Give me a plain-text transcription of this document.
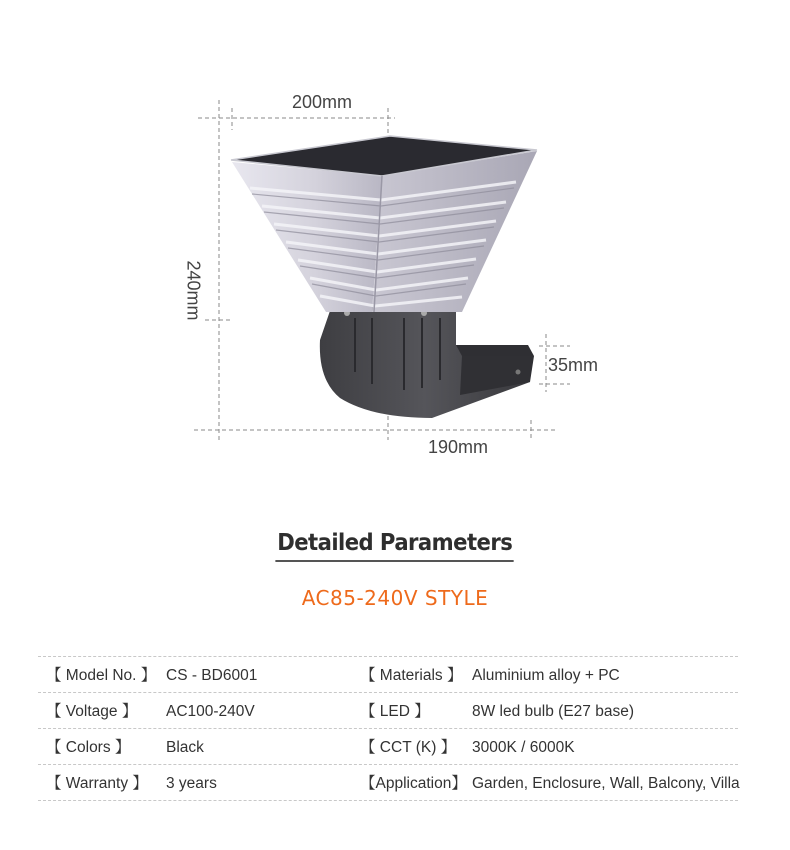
200mm
240mm
35mm
190mm
Detailed Parameters
AC85-240V STYLE
【 Model No. 】 CS - BD6001	【 Materials 】 Aluminium alloy + PC
【 Voltage 】 AC100-240V	【 LED 】	8W led bulb (E27 base)
【 Colors 】 Black	【 CCT (K) 】 3000K / 6000K
【 Warranty 】 3 years	【Application】 Garden, Enclosure, Wall, Balcony, Villa
